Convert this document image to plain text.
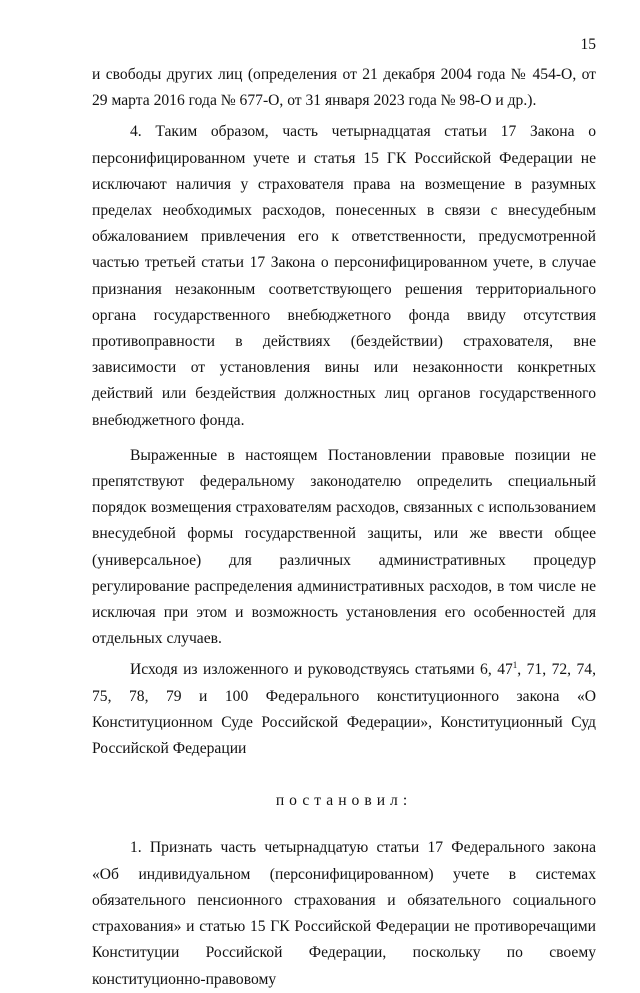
15

и свободы других лиц (определения от 21 декабря 2004 года № 454-О, от 29 марта 2016 года № 677-О, от 31 января 2023 года № 98-О и др.).

4. Таким образом, часть четырнадцатая статьи 17 Закона о персонифицированном учете и статья 15 ГК Российской Федерации не исключают наличия у страхователя права на возмещение в разумных пределах необходимых расходов, понесенных в связи с внесудебным обжалованием привлечения его к ответственности, предусмотренной частью третьей статьи 17 Закона о персонифицированном учете, в случае признания незаконным соответствующего решения территориального органа государственного внебюджетного фонда ввиду отсутствия противоправности в действиях (бездействии) страхователя, вне зависимости от установления вины или незаконности конкретных действий или бездействия должностных лиц органов государственного внебюджетного фонда.

Выраженные в настоящем Постановлении правовые позиции не препятствуют федеральному законодателю определить специальный порядок возмещения страхователям расходов, связанных с использованием внесудебной формы государственной защиты, или же ввести общее (универсальное) для различных административных процедур регулирование распределения административных расходов, в том числе не исключая при этом и возможность установления его особенностей для отдельных случаев.

Исходя из изложенного и руководствуясь статьями 6, $47^1$, 71, 72, 74, 75, 78, 79 и 100 Федерального конституционного закона «О Конституционном Суде Российской Федерации», Конституционный Суд Российской Федерации

постановил:

1. Признать часть четырнадцатую статьи 17 Федерального закона «Об индивидуальном (персонифицированном) учете в системах обязательного пенсионного страхования и обязательного социального страхования» и статью 15 ГК Российской Федерации не противоречащими Конституции Российской Федерации, поскольку по своему конституционно-правовому
